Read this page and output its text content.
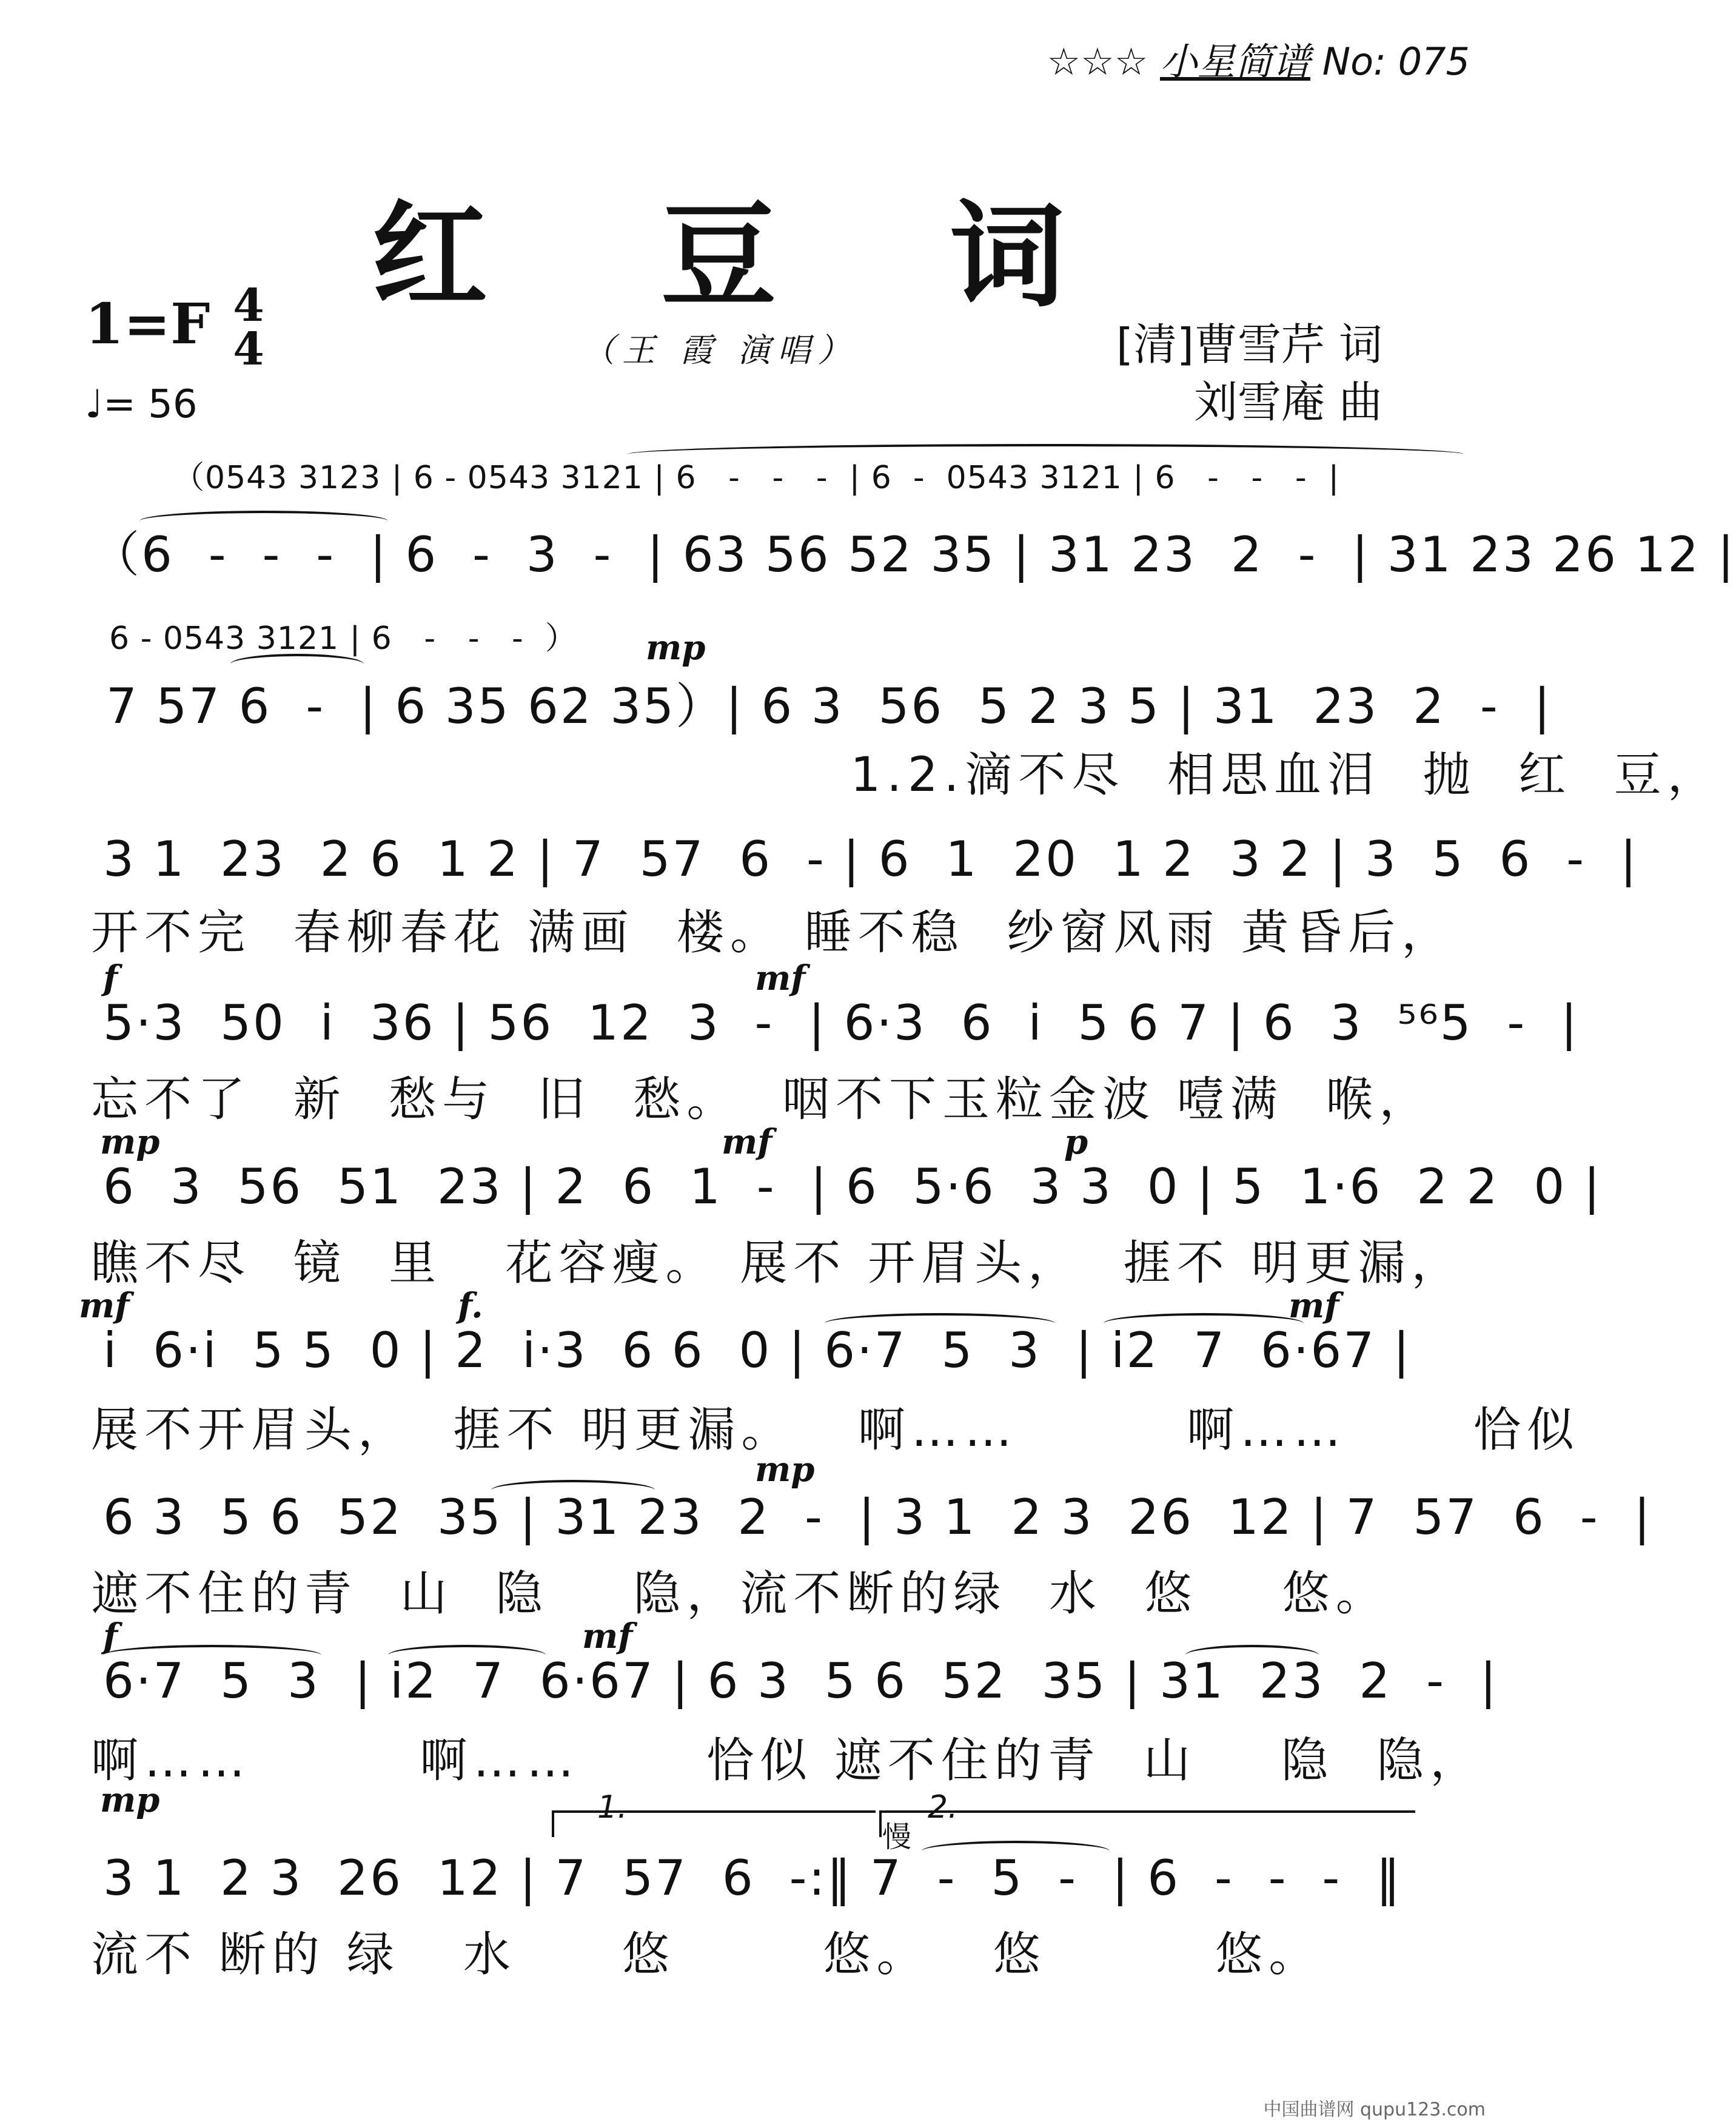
☆☆☆ 小星简谱 No: 075
红 豆 词
1=F 4
4
♩= 56
（王 霞 演唱）	[清]曹雪芹 词
刘雪庵 曲
（0543 3123 | 6 - 0543 3121 | 6   -   -   -  | 6  -  0543 3121 | 6   -   -   -  |
（6  -  -  -  | 6  -  3  -  | 63 56 52 35 | 31 23  2  -  | 31 23 26 12 |
6 - 0543 3121 | 6   -   -   -  ） mp
7 57 6  -  | 6 35 62 35）| 6 3  56  5 2 3 5 | 31  23  2  -  |
1.2.滴不尽  相思血泪  抛  红  豆，
3 1  23  2 6  1 2 | 7  57  6  - | 6  1  20  1 2  3 2 | 3  5  6  -  |
开不完  春柳春花 满画  楼。 睡不稳  纱窗风雨 黄昏后，
f	mf
5·3  50  i  36 | 56  12  3  -  | 6·3  6  i  5 6 7 | 6  3  ⁵⁶5  -  |
忘不了  新  愁与  旧  愁。  咽不下玉粒金波 噎满  喉，
mp	mf	p
6  3  56  51  23 | 2  6  1  -  | 6  5·6  3 3  0 | 5  1·6  2 2  0 |
瞧不尽  镜  里   花容瘦。 展不 开眉头，  捱不 明更漏，
mf	f.	mf
i  6·i  5 5  0 | 2  i·3  6 6  0 | 6·7  5  3  | i2  7  6·67 |
展不开眉头，  捱不 明更漏。   啊……        啊……      恰似
mp
6 3  5 6  52  35 | 31 23  2  -  | 3 1  2 3  26  12 | 7  57  6  -  |
遮不住的青  山  隐    隐，流不断的绿  水  悠    悠。
f	mf
6·7  5  3  | i2  7  6·67 | 6 3  5 6  52  35 | 31  23  2  -  |
啊……        啊……      恰似 遮不住的青  山    隐  隐，
mp	1.	2.
慢
3 1  2 3  26  12 | 7  57  6  -:‖ 7  -  5  -  | 6  -  -  -  ‖
流不 断的 绿   水     悠       悠。   悠        悠。
中国曲谱网 qupu123.com
